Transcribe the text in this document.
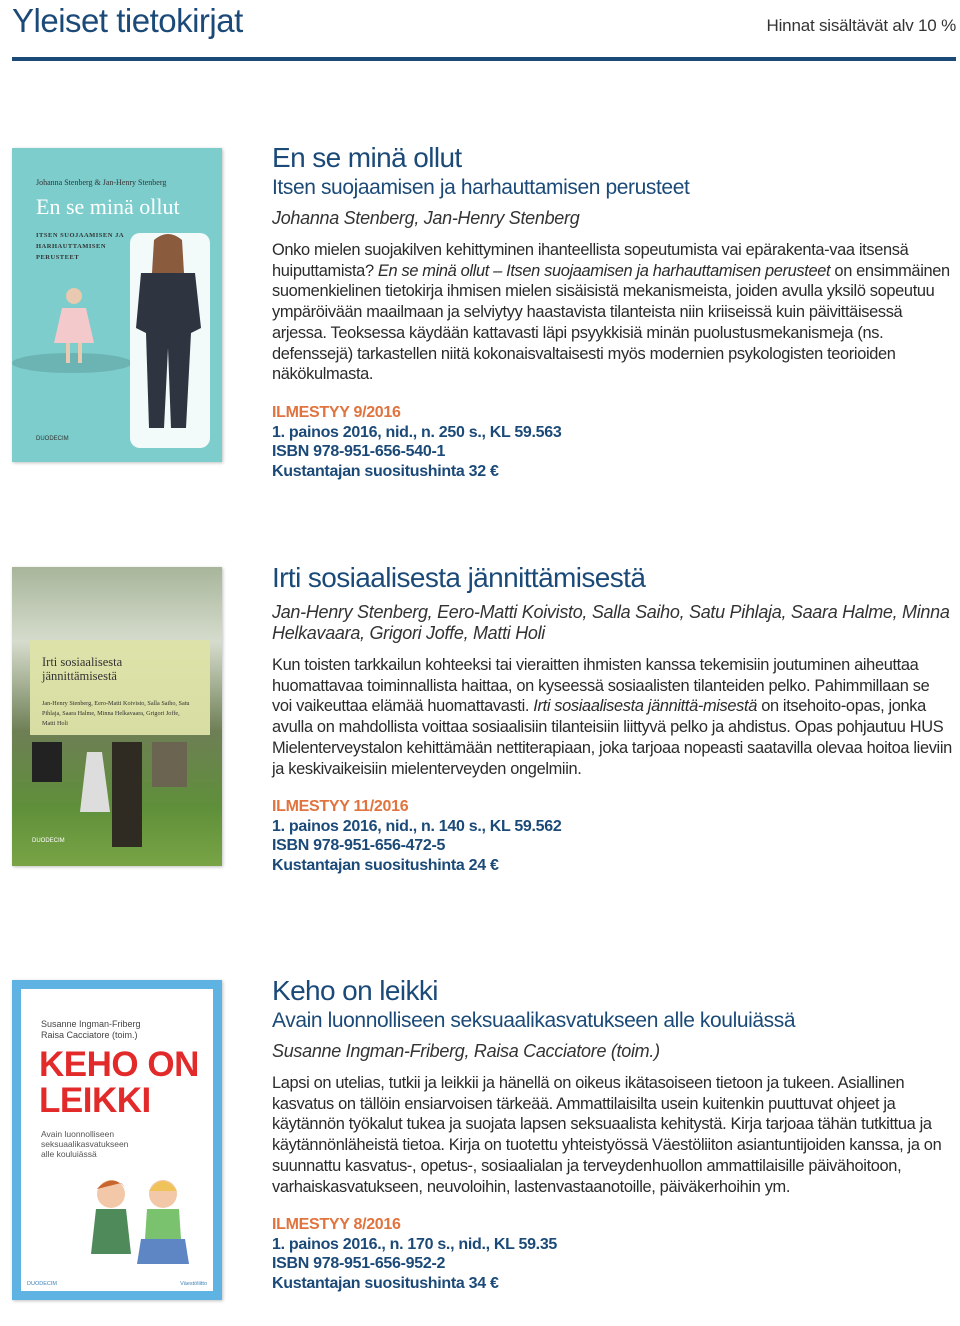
Yleiset tietokirjat	Hinnat sisältävät alv 10 %
Johanna Stenberg & Jan-Henry Stenberg
En se minä ollut
ITSEN SUOJAAMISEN JA HARHAUTTAMISEN PERUSTEET
DUODECIM
En se minä ollut
Itsen suojaamisen ja harhauttamisen perusteet
Johanna Stenberg, Jan-Henry Stenberg
Onko mielen suojakilven kehittyminen ihanteellista sopeutumista vai epärakenta-vaa itsensä huiputtamista? En se minä ollut – Itsen suojaamisen ja harhauttamisen perusteet on ensimmäinen suomenkielinen tietokirja ihmisen mielen sisäisistä mekanismeista, joiden avulla yksilö sopeutuu ympäröivään maailmaan ja selviytyy haastavista tilanteista niin kriiseissä kuin päivittäisessä arjessa. Teoksessa käydään kattavasti läpi psyykkisiä minän puolustusmekanismeja (ns. defenssejä) tarkastellen niitä kokonaisvaltaisesti myös modernien psykologisten teorioiden näkökulmasta.
ILMESTYY 9/2016
1. painos 2016, nid., n. 250 s., KL 59.563
ISBN 978-951-656-540-1
Kustantajan suositushinta 32 €
Irti sosiaalisesta jännittämisestä
Jan-Henry Stenberg, Eero-Matti Koivisto, Salla Saiho, Satu Pihlaja, Saara Halme, Minna Helkavaara, Grigori Joffe, Matti Holi
DUODECIM
Irti sosiaalisesta jännittämisestä
Jan-Henry Stenberg, Eero-Matti Koivisto, Salla Saiho, Satu Pihlaja, Saara Halme, Minna Helkavaara, Grigori Joffe, Matti Holi
Kun toisten tarkkailun kohteeksi tai vieraitten ihmisten kanssa tekemisiin joutuminen aiheuttaa huomattavaa toiminnallista haittaa, on kyseessä sosiaalisten tilanteiden pelko. Pahimmillaan se voi vaikeuttaa elämää huomattavasti. Irti sosiaalisesta jännittä-misestä on itsehoito-opas, jonka avulla on mahdollista voittaa sosiaalisiin tilanteisiin liittyvä pelko ja ahdistus. Opas pohjautuu HUS Mielenterveystalon kehittämään nettiterapiaan, joka tarjoaa nopeasti saatavilla olevaa hoitoa lieviin ja keskivaikeisiin mielenterveyden ongelmiin.
ILMESTYY 11/2016
1. painos 2016, nid., n. 140 s., KL 59.562
ISBN 978-951-656-472-5
Kustantajan suositushinta 24 €
Susanne Ingman-Friberg Raisa Cacciatore (toim.)
KEHO ON LEIKKI
Avain luonnolliseen seksuaalikasvatukseen alle kouluiässä
DUODECIM	Väestöliitto
Keho on leikki
Avain luonnolliseen seksuaalikasvatukseen alle kouluiässä
Susanne Ingman-Friberg, Raisa Cacciatore (toim.)
Lapsi on utelias, tutkii ja leikkii ja hänellä on oikeus ikätasoiseen tietoon ja tukeen. Asiallinen kasvatus on tällöin ensiarvoisen tärkeää. Ammattilaisilta usein kuitenkin puuttuvat ohjeet ja käytännön työkalut tukea ja suojata lapsen seksuaalista kehitystä. Kirja tarjoaa tähän tutkittua ja käytännönläheistä tietoa. Kirja on tuotettu yhteistyössä Väestöliiton asiantuntijoiden kanssa, ja on suunnattu kasvatus-, opetus-, sosiaalialan ja terveydenhuollon ammattilaisille päivähoitoon, varhaiskasvatukseen, neuvoloihin, lastenvastaanotoille, päiväkerhoihin ym.
ILMESTYY 8/2016
1. painos 2016., n. 170 s., nid., KL 59.35
ISBN 978-951-656-952-2
Kustantajan suositushinta 34 €
